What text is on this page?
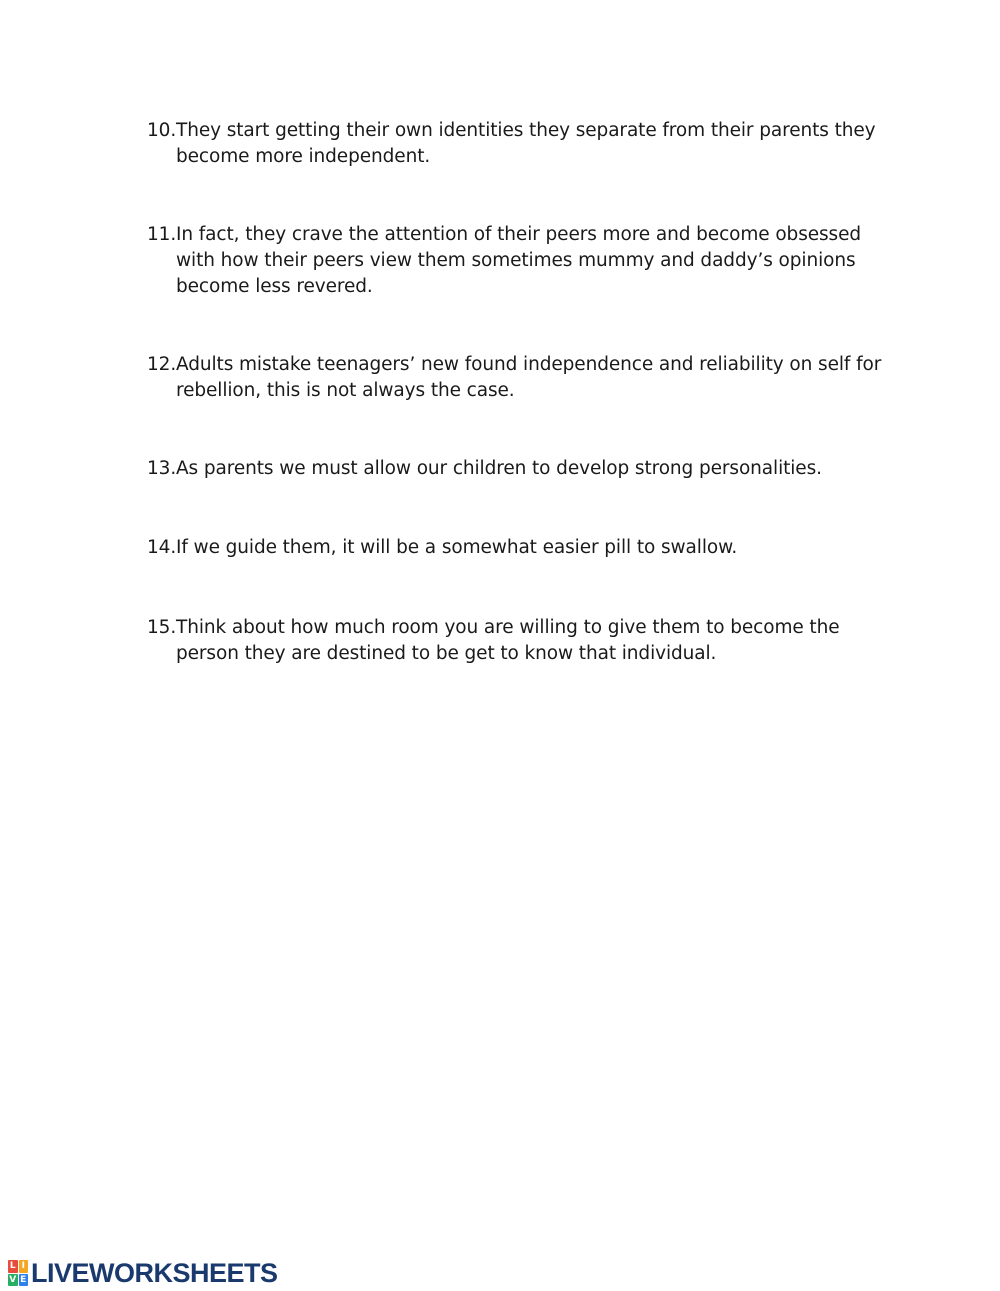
10. They start getting their own identities they separate from their parents they become more independent.
11. In fact, they crave the attention of their peers more and become obsessed with how their peers view them sometimes mummy and daddy’s opinions become less revered.
12. Adults mistake teenagers’ new found independence and reliability on self for rebellion, this is not always the case.
13. As parents we must allow our children to develop strong personalities.
14. If we guide them, it will be a somewhat easier pill to swallow.
15. Think about how much room you are willing to give them to become the person they are destined to be get to know that individual.
L I
V E LIVEWORKSHEETS
